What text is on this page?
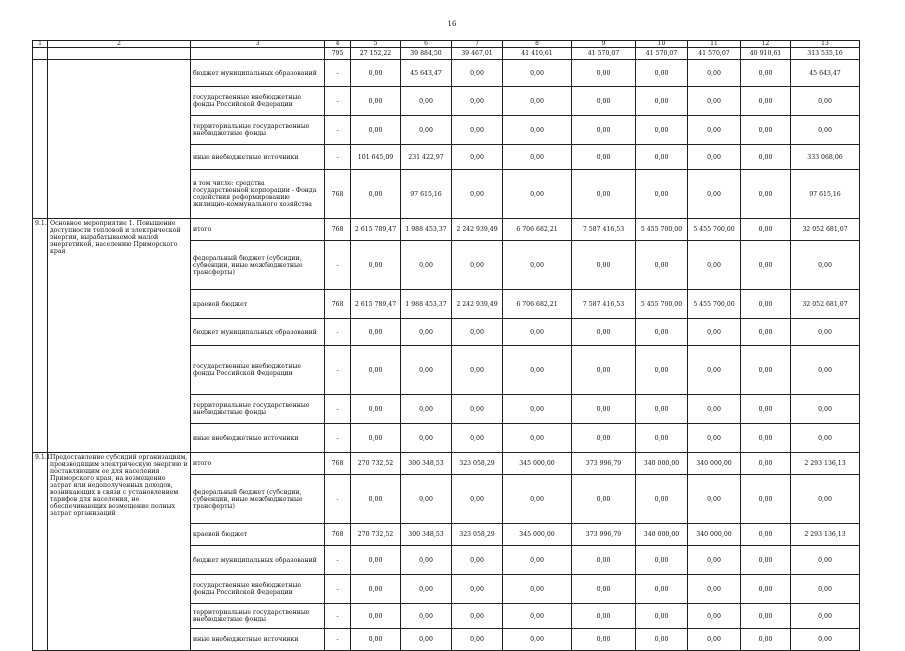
16
1	2	3	4	5	6	7	8	9	10	11	12	13
			795	27 152,22	39 884,50	39 467,01	41 410,61	41 570,07	41 570,07	41 570,07	40 910,61	313 535,16
		бюджет муниципальных образований	-	0,00	45 643,47	0,00	0,00	0,00	0,00	0,00	0,00	45 643,47
		государственные внебюджетные фонды Российской Федерации	-	0,00	0,00	0,00	0,00	0,00	0,00	0,00	0,00	0,00
		территориальные государственные внебюджетные фонды	-	0,00	0,00	0,00	0,00	0,00	0,00	0,00	0,00	0,00
		иные внебюджетные источники	-	101 645,09	231 422,97	0,00	0,00	0,00	0,00	0,00	0,00	333 068,06
		в том числе: средства государственной корпорации - Фонда содействия реформированию жилищно-коммунального хозяйства	768	0,00	97 615,16	0,00	0,00	0,00	0,00	0,00	0,00	97 615,16
9.1.	Основное мероприятие 1. Повышение доступности тепловой и электрической энергии, вырабатываемой малой энергетикой, населению Приморского края	итого	768	2 615 789,47	1 988 453,37	2 242 939,49	6 706 682,21	7 587 416,53	5 455 700,00	5 455 700,00	0,00	32 052 681,07
		федеральный бюджет (субсидии, субвенции, иные межбюджетные трансферты)	-	0,00	0,00	0,00	0,00	0,00	0,00	0,00	0,00	0,00
		краевой бюджет	768	2 615 789,47	1 988 453,37	2 242 939,49	6 706 682,21	7 587 416,53	5 455 700,00	5 455 700,00	0,00	32 052 681,07
		бюджет муниципальных образований	-	0,00	0,00	0,00	0,00	0,00	0,00	0,00	0,00	0,00
		государственные внебюджетные фонды Российской Федерации	-	0,00	0,00	0,00	0,00	0,00	0,00	0,00	0,00	0,00
		территориальные государственные внебюджетные фонды	-	0,00	0,00	0,00	0,00	0,00	0,00	0,00	0,00	0,00
		иные внебюджетные источники	-	0,00	0,00	0,00	0,00	0,00	0,00	0,00	0,00	0,00
9.1.1	Предоставление субсидий организациям, производящим электрическую энергию и поставляющим ее для населения Приморского края, на возмещение затрат или недополученных доходов, возникающих в связи с установлением тарифов для населения, не обеспечивающих возмещение полных затрат организаций	итого	768	270 732,52	300 348,53	323 058,29	345 000,00	373 996,79	340 000,00	340 000,00	0,00	2 293 136,13
		федеральный бюджет (субсидии, субвенции, иные межбюджетные трансферты)	-	0,00	0,00	0,00	0,00	0,00	0,00	0,00	0,00	0,00
		краевой бюджет	768	270 732,52	300 348,53	323 058,29	345 000,00	373 996,79	340 000,00	340 000,00	0,00	2 293 136,13
		бюджет муниципальных образований	-	0,00	0,00	0,00	0,00	0,00	0,00	0,00	0,00	0,00
		государственные внебюджетные фонды Российской Федерации	-	0,00	0,00	0,00	0,00	0,00	0,00	0,00	0,00	0,00
		территориальные государственные внебюджетные фонды	-	0,00	0,00	0,00	0,00	0,00	0,00	0,00	0,00	0,00
		иные внебюджетные источники	-	0,00	0,00	0,00	0,00	0,00	0,00	0,00	0,00	0,00
